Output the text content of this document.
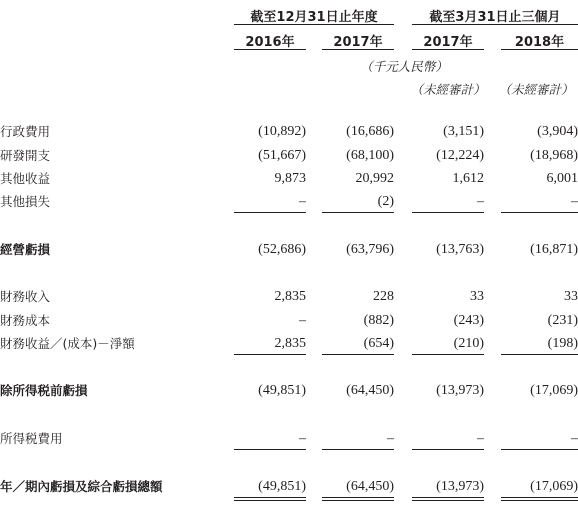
截至12月31日止年度	截至3月31日止三個月
2016年	2017年	2017年	2018年
（千元人民幣）
（未經審計）	（未經審計）
行政費用	(10,892)	(16,686)	(3,151)	(3,904)
研發開支	(51,667)	(68,100)	(12,224)	(18,968)
其他收益	9,873	20,992	1,612	6,001
其他損失	–	(2)	–	–
經營虧損	(52,686)	(63,796)	(13,763)	(16,871)
財務收入	2,835	228	33	33
財務成本	–	(882)	(243)	(231)
財務收益／(成本)－淨額	2,835	(654)	(210)	(198)
除所得税前虧損	(49,851)	(64,450)	(13,973)	(17,069)
所得税費用	–	–	–	–
年／期內虧損及綜合虧損總額	(49,851)	(64,450)	(13,973)	(17,069)
